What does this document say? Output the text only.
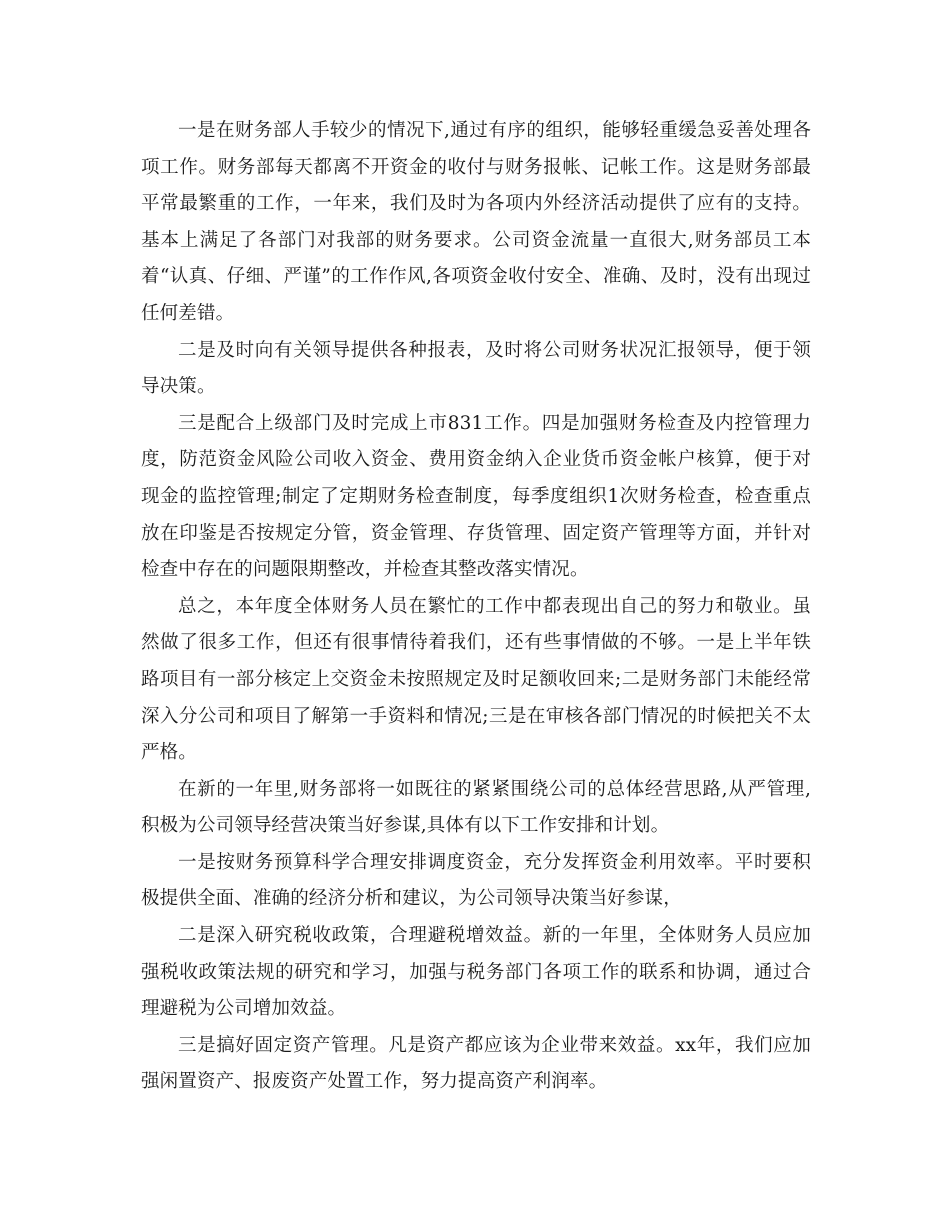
一是在财务部人手较少的情况下,通过有序的组织，能够轻重缓急妥善处理各项工作。财务部每天都离不开资金的收付与财务报帐、记帐工作。这是财务部最平常最繁重的工作，一年来，我们及时为各项内外经济活动提供了应有的支持。基本上满足了各部门对我部的财务要求。公司资金流量一直很大,财务部员工本着“认真、仔细、严谨”的工作作风,各项资金收付安全、准确、及时，没有出现过任何差错。

二是及时向有关领导提供各种报表，及时将公司财务状况汇报领导，便于领导决策。

三是配合上级部门及时完成上市831工作。四是加强财务检查及内控管理力度，防范资金风险公司收入资金、费用资金纳入企业货币资金帐户核算，便于对现金的监控管理;制定了定期财务检查制度，每季度组织1次财务检查，检查重点放在印鉴是否按规定分管，资金管理、存货管理、固定资产管理等方面，并针对检查中存在的问题限期整改，并检查其整改落实情况。

总之，本年度全体财务人员在繁忙的工作中都表现出自己的努力和敬业。虽然做了很多工作，但还有很事情待着我们，还有些事情做的不够。一是上半年铁路项目有一部分核定上交资金未按照规定及时足额收回来;二是财务部门未能经常深入分公司和项目了解第一手资料和情况;三是在审核各部门情况的时候把关不太严格。

在新的一年里,财务部将一如既往的紧紧围绕公司的总体经营思路,从严管理,积极为公司领导经营决策当好参谋,具体有以下工作安排和计划。

一是按财务预算科学合理安排调度资金，充分发挥资金利用效率。平时要积极提供全面、准确的经济分析和建议，为公司领导决策当好参谋，

二是深入研究税收政策，合理避税增效益。新的一年里，全体财务人员应加强税收政策法规的研究和学习，加强与税务部门各项工作的联系和协调，通过合理避税为公司增加效益。

三是搞好固定资产管理。凡是资产都应该为企业带来效益。xx年，我们应加强闲置资产、报废资产处置工作，努力提高资产利润率。
